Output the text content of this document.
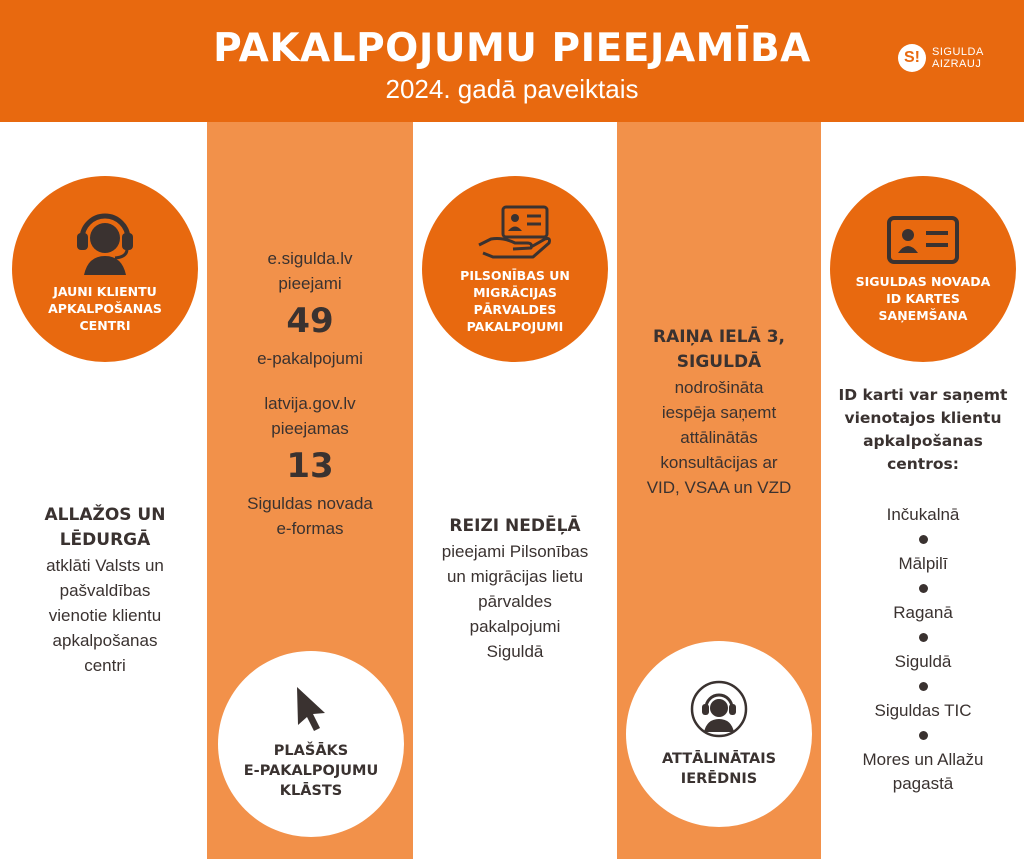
PAKALPOJUMU PIEEJAMĪBA
2024. gadā paveiktais
S!	SIGULDA
AIZRAUJ
JAUNI KLIENTU
APKALPOŠANAS
CENTRI
ALLAŽOS UN
LĒDURGĀ
atklāti Valsts un
pašvaldības
vienotie klientu
apkalpošanas
centri
e.sigulda.lv
pieejami
49
e-pakalpojumi
latvija.gov.lv
pieejamas
13
Siguldas novada
e-formas
PLAŠĀKS
E-PAKALPOJUMU
KLĀSTS
PILSONĪBAS UN
MIGRĀCIJAS
PĀRVALDES
PAKALPOJUMI
REIZI NEDĒĻĀ
pieejami Pilsonības
un migrācijas lietu
pārvaldes
pakalpojumi
Siguldā
RAIŅA IELĀ 3,
SIGULDĀ
nodrošināta
iespēja saņemt
attālinātās
konsultācijas ar
VID, VSAA un VZD
ATTĀLINĀTAIS
IERĒDNIS
SIGULDAS NOVADA
ID KARTES
SAŅEMŠANA
ID karti var saņemt
vienotajos klientu
apkalpošanas
centros:
Inčukalnā
Mālpilī
Raganā
Siguldā
Siguldas TIC
Mores un Allažu
pagastā
